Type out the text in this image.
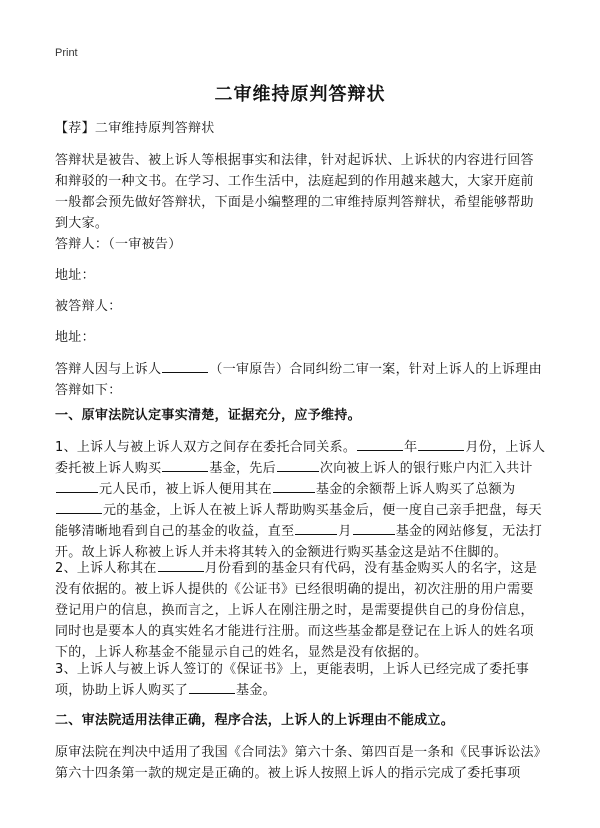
Print
二审维持原判答辩状

【荐】二审维持原判答辩状

答辩状是被告、被上诉人等根据事实和法律，针对起诉状、上诉状的内容进行回答和辩驳的一种文书。在学习、工作生活中，法庭起到的作用越来越大，大家开庭前一般都会预先做好答辩状，下面是小编整理的二审维持原判答辩状，希望能够帮助到大家。

答辩人：（一审被告）

地址：

被答辩人：

地址：

答辩人因与上诉人	（一审原告）合同纠纷二审一案，针对上诉人的上诉理由答辩如下：

一、原审法院认定事实清楚，证据充分，应予维持。

1、上诉人与被上诉人双方之间存在委托合同关系。	年	月份，上诉人委托被上诉人购买	基金，先后	次向被上诉人的银行账户内汇入共计元人民币，被上诉人便用其在	基金的余额帮上诉人购买了总额为元的基金，上诉人在被上诉人帮助购买基金后，便一度自己亲手把盘，每天能够清晰地看到自己的基金的收益，直至	月	基金的网站修复，无法打开。故上诉人称被上诉人并未将其转入的金额进行购买基金这是站不住脚的。

2、上诉人称其在	月份看到的基金只有代码，没有基金购买人的名字，这是没有依据的。被上诉人提供的《公证书》已经很明确的提出，初次注册的用户需要登记用户的信息，换而言之，上诉人在刚注册之时，是需要提供自己的身份信息，同时也是要本人的真实姓名才能进行注册。而这些基金都是登记在上诉人的姓名项下的，上诉人称基金不能显示自己的姓名，显然是没有依据的。

3、上诉人与被上诉人签订的《保证书》上，更能表明，上诉人已经完成了委托事项，协助上诉人购买了	基金。

二、审法院适用法律正确，程序合法，上诉人的上诉理由不能成立。

原审法院在判决中适用了我国《合同法》第六十条、第四百是一条和《民事诉讼法》第六十四条第一款的规定是正确的。被上诉人按照上诉人的指示完成了委托事项
